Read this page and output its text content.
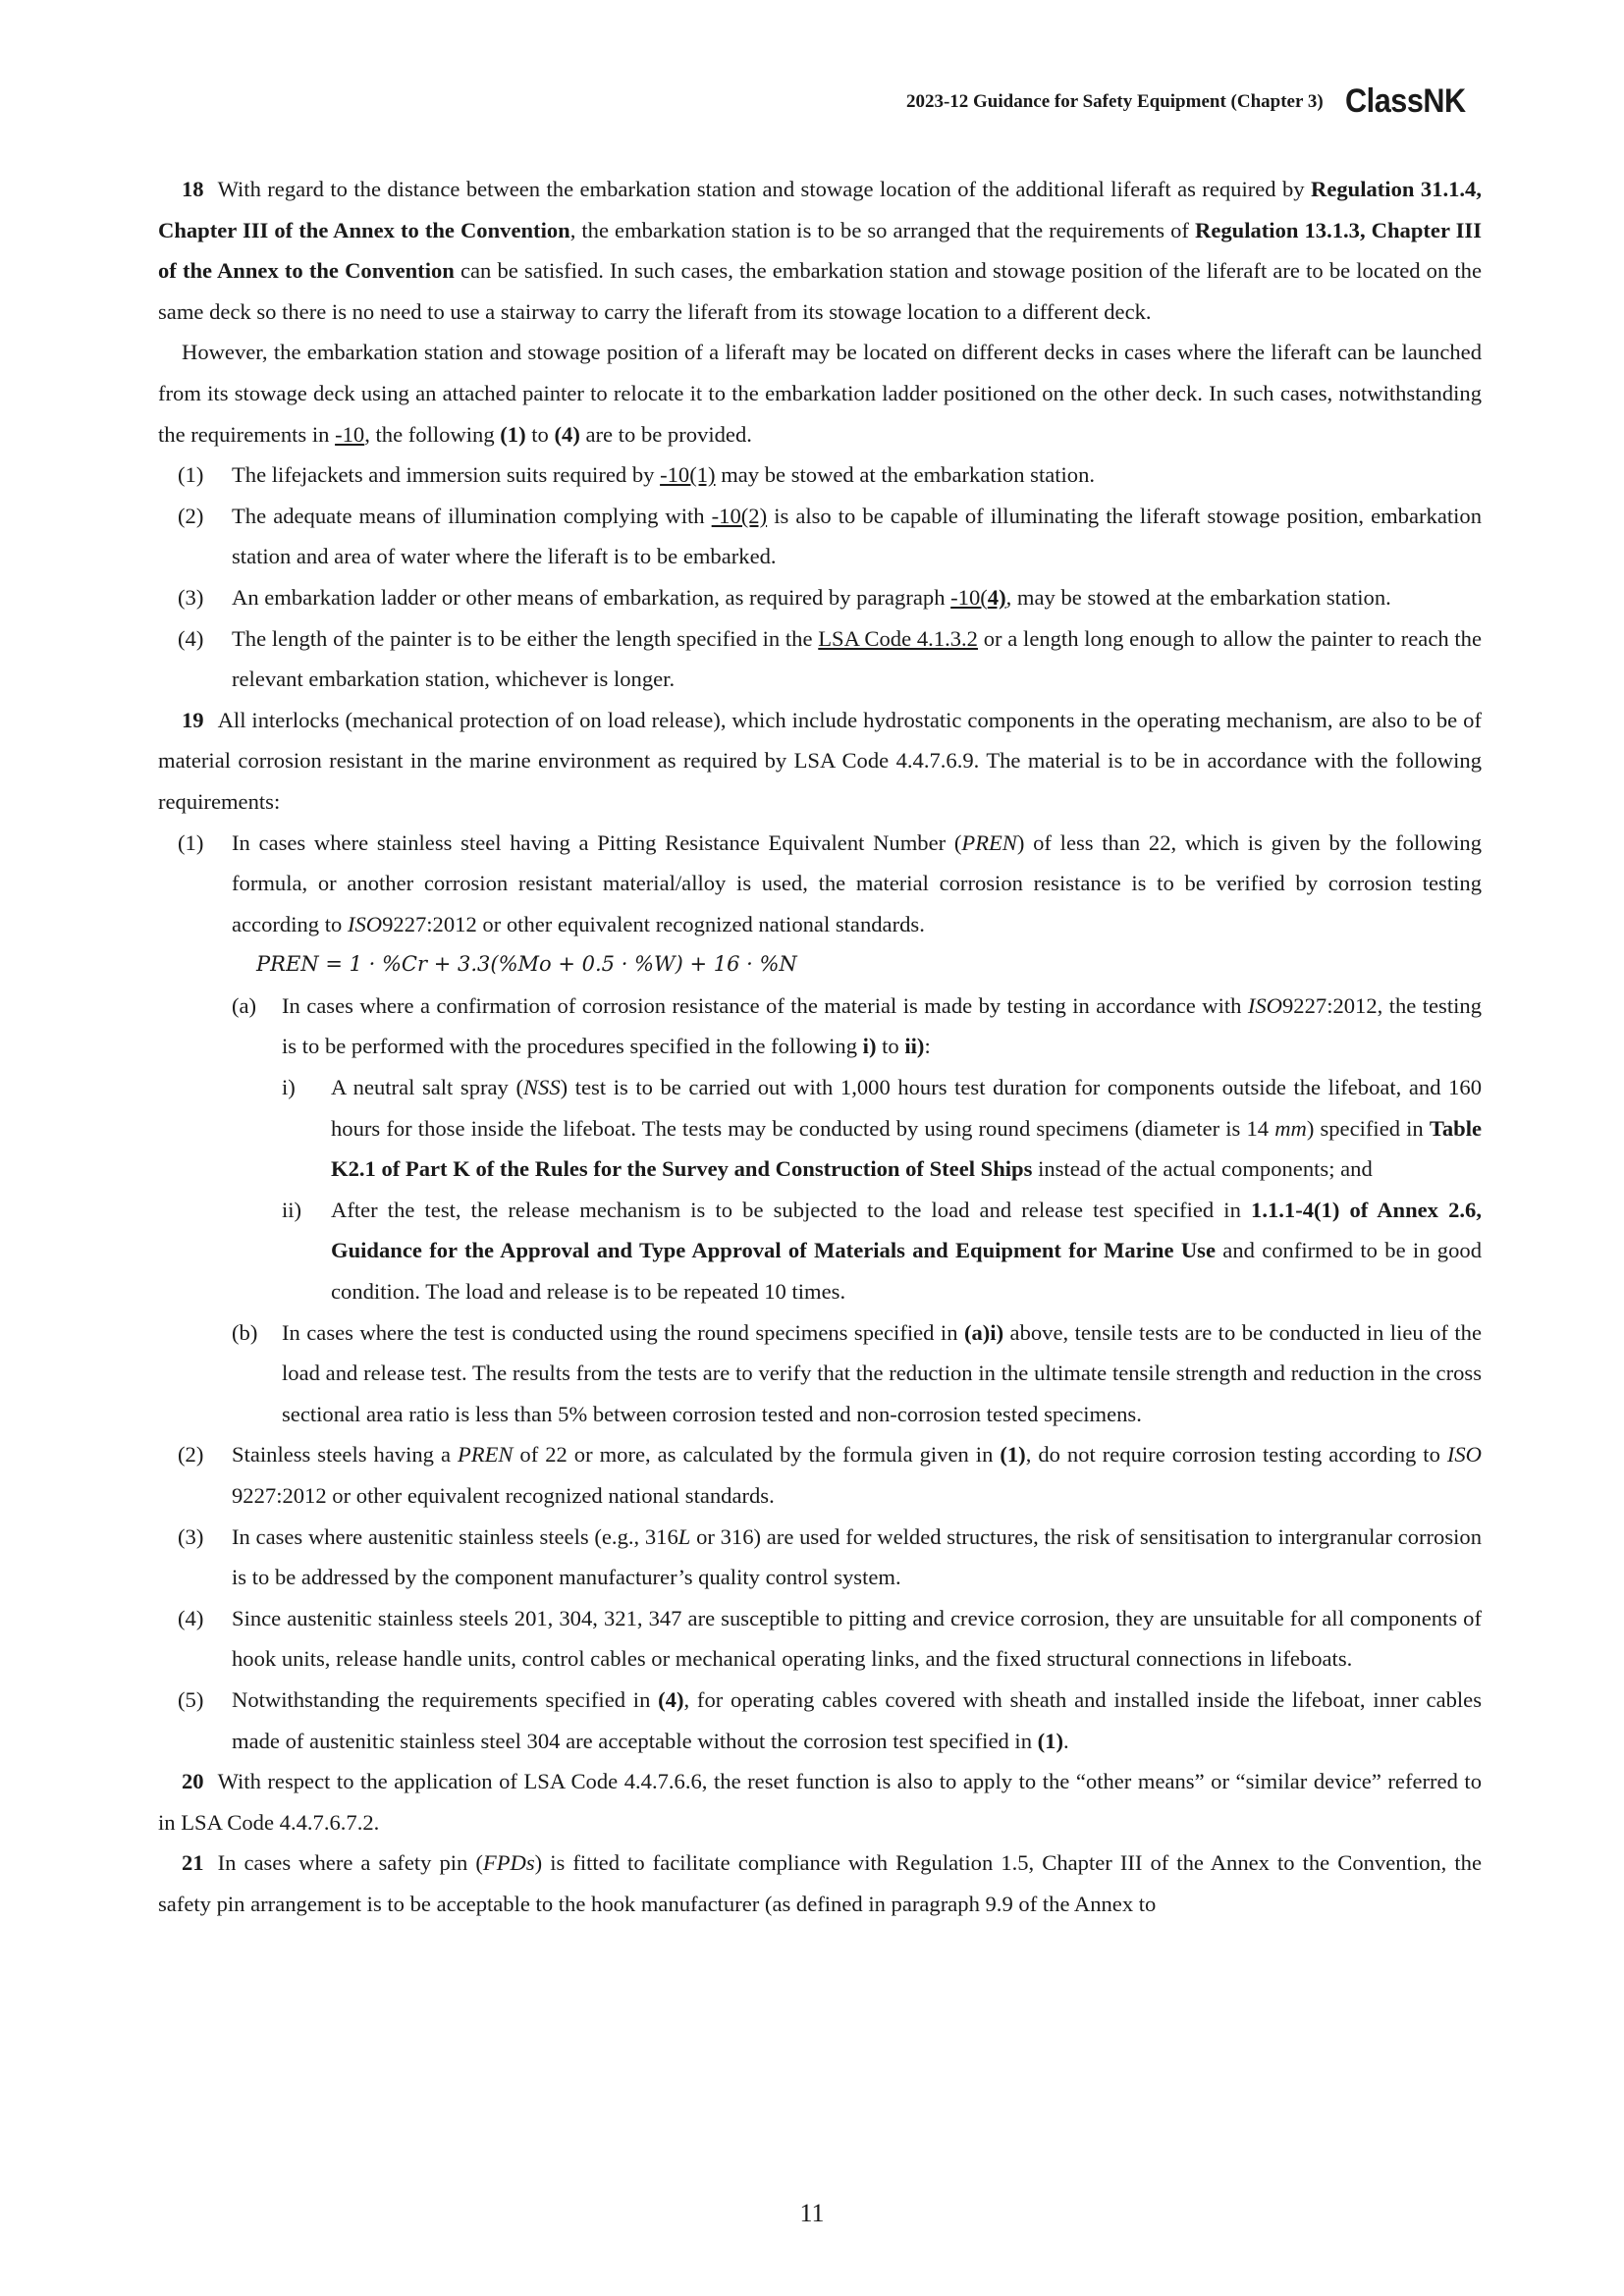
2023-12 Guidance for Safety Equipment (Chapter 3) ClassNK

18 With regard to the distance between the embarkation station and stowage location of the additional liferaft as required by Regulation 31.1.4, Chapter III of the Annex to the Convention, the embarkation station is to be so arranged that the requirements of Regulation 13.1.3, Chapter III of the Annex to the Convention can be satisfied. In such cases, the embarkation station and stowage position of the liferaft are to be located on the same deck so there is no need to use a stairway to carry the liferaft from its stowage location to a different deck.

However, the embarkation station and stowage position of a liferaft may be located on different decks in cases where the liferaft can be launched from its stowage deck using an attached painter to relocate it to the embarkation ladder positioned on the other deck. In such cases, notwithstanding the requirements in -10, the following (1) to (4) are to be provided.

(1)	The lifejackets and immersion suits required by -10(1) may be stowed at the embarkation station.
(2)	The adequate means of illumination complying with -10(2) is also to be capable of illuminating the liferaft stowage position, embarkation station and area of water where the liferaft is to be embarked.
(3)	An embarkation ladder or other means of embarkation, as required by paragraph -10(4), may be stowed at the embarkation station.
(4)	The length of the painter is to be either the length specified in the LSA Code 4.1.3.2 or a length long enough to allow the painter to reach the relevant embarkation station, whichever is longer.

19 All interlocks (mechanical protection of on load release), which include hydrostatic components in the operating mechanism, are also to be of material corrosion resistant in the marine environment as required by LSA Code 4.4.7.6.9. The material is to be in accordance with the following requirements:

(1)	In cases where stainless steel having a Pitting Resistance Equivalent Number (PREN) of less than 22, which is given by the following formula, or another corrosion resistant material/alloy is used, the material corrosion resistance is to be verified by corrosion testing according to ISO9227:2012 or other equivalent recognized national standards.
PREN = 1 · %Cr + 3.3(%Mo + 0.5 · %W) + 16 · %N
(a)	In cases where a confirmation of corrosion resistance of the material is made by testing in accordance with ISO9227:2012, the testing is to be performed with the procedures specified in the following i) to ii):
i)	A neutral salt spray (NSS) test is to be carried out with 1,000 hours test duration for components outside the lifeboat, and 160 hours for those inside the lifeboat. The tests may be conducted by using round specimens (diameter is 14 mm) specified in Table K2.1 of Part K of the Rules for the Survey and Construction of Steel Ships instead of the actual components; and
ii)	After the test, the release mechanism is to be subjected to the load and release test specified in 1.1.1-4(1) of Annex 2.6, Guidance for the Approval and Type Approval of Materials and Equipment for Marine Use and confirmed to be in good condition. The load and release is to be repeated 10 times.
(b)	In cases where the test is conducted using the round specimens specified in (a)i) above, tensile tests are to be conducted in lieu of the load and release test. The results from the tests are to verify that the reduction in the ultimate tensile strength and reduction in the cross sectional area ratio is less than 5% between corrosion tested and non-corrosion tested specimens.
(2)	Stainless steels having a PREN of 22 or more, as calculated by the formula given in (1), do not require corrosion testing according to ISO 9227:2012 or other equivalent recognized national standards.
(3)	In cases where austenitic stainless steels (e.g., 316L or 316) are used for welded structures, the risk of sensitisation to intergranular corrosion is to be addressed by the component manufacturer’s quality control system.
(4)	Since austenitic stainless steels 201, 304, 321, 347 are susceptible to pitting and crevice corrosion, they are unsuitable for all components of hook units, release handle units, control cables or mechanical operating links, and the fixed structural connections in lifeboats.
(5)	Notwithstanding the requirements specified in (4), for operating cables covered with sheath and installed inside the lifeboat, inner cables made of austenitic stainless steel 304 are acceptable without the corrosion test specified in (1).

20 With respect to the application of LSA Code 4.4.7.6.6, the reset function is also to apply to the “other means” or “similar device” referred to in LSA Code 4.4.7.6.7.2.

21 In cases where a safety pin (FPDs) is fitted to facilitate compliance with Regulation 1.5, Chapter III of the Annex to the Convention, the safety pin arrangement is to be acceptable to the hook manufacturer (as defined in paragraph 9.9 of the Annex to

11
